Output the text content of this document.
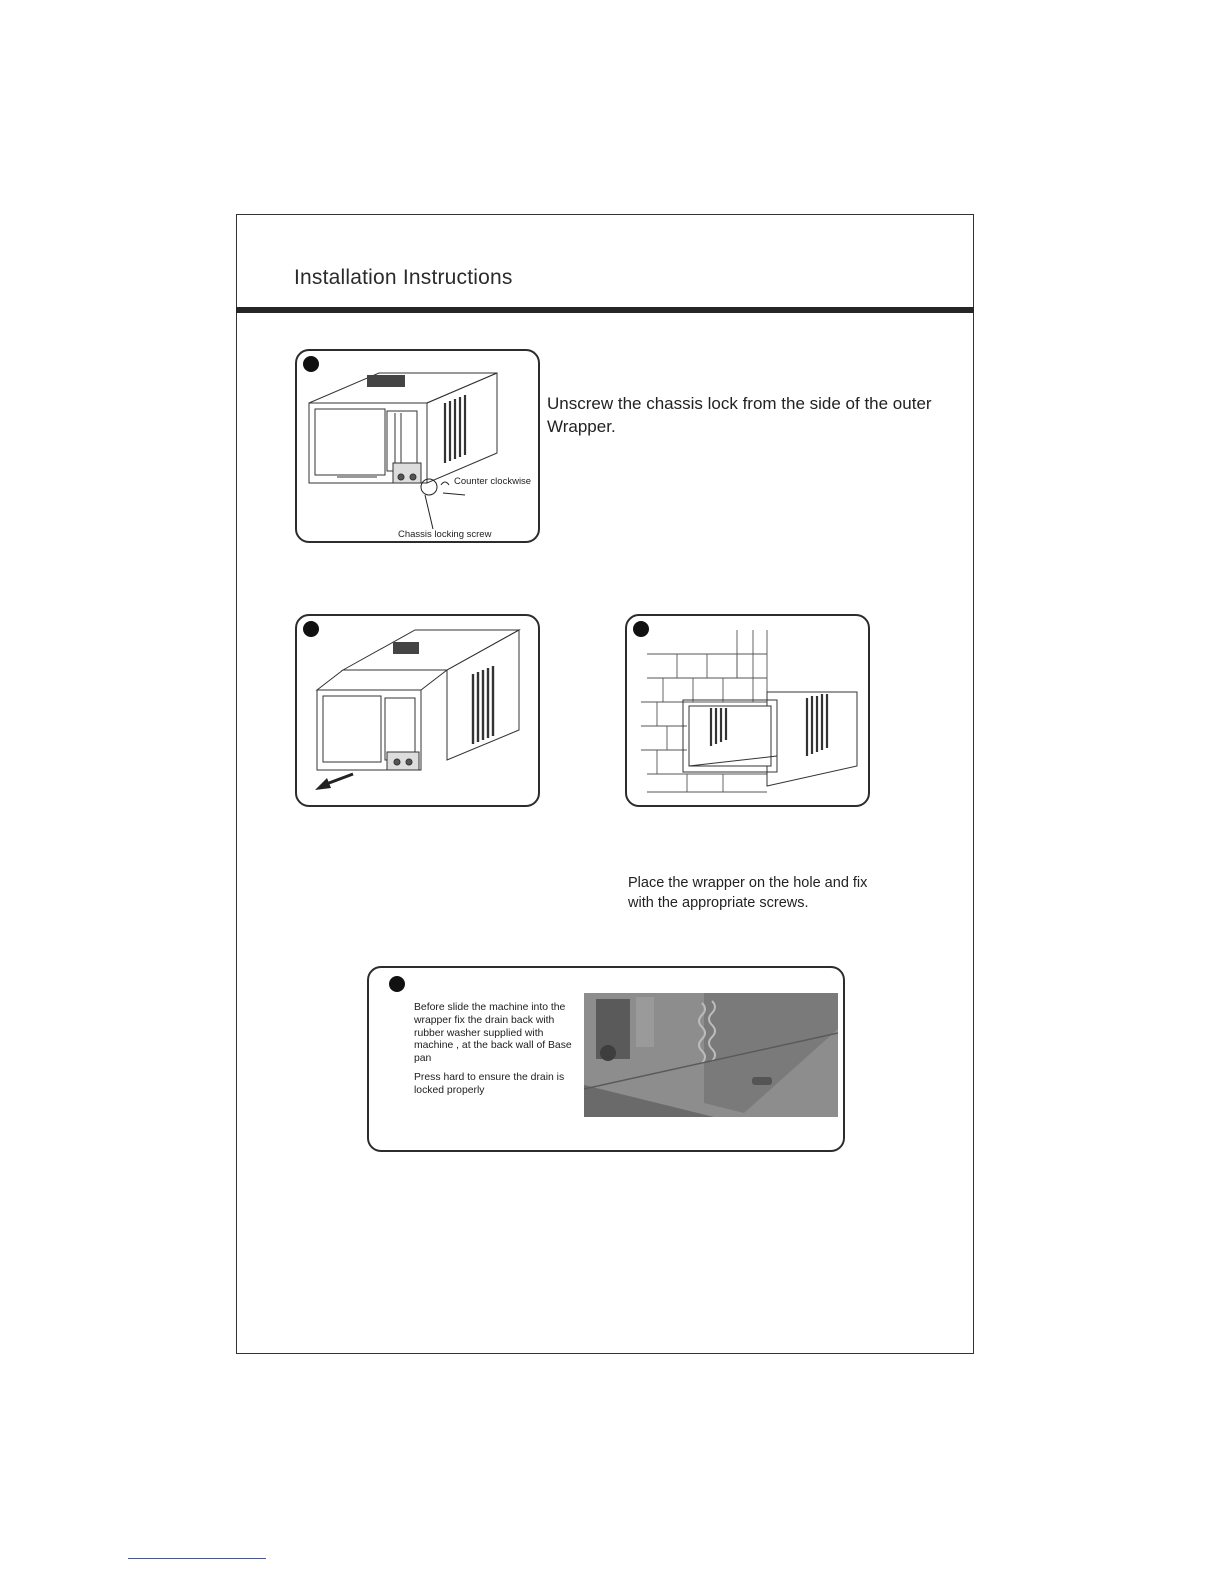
Installation Instructions
Counter clockwise
Chassis locking screw
Unscrew the chassis lock from the side of the outer Wrapper.
Place the wrapper on the hole and fix with the appropriate screws.

Before slide the machine into the wrapper fix the drain back with rubber washer supplied with machine , at the back wall of Base pan

Press hard to ensure the drain is locked properly
